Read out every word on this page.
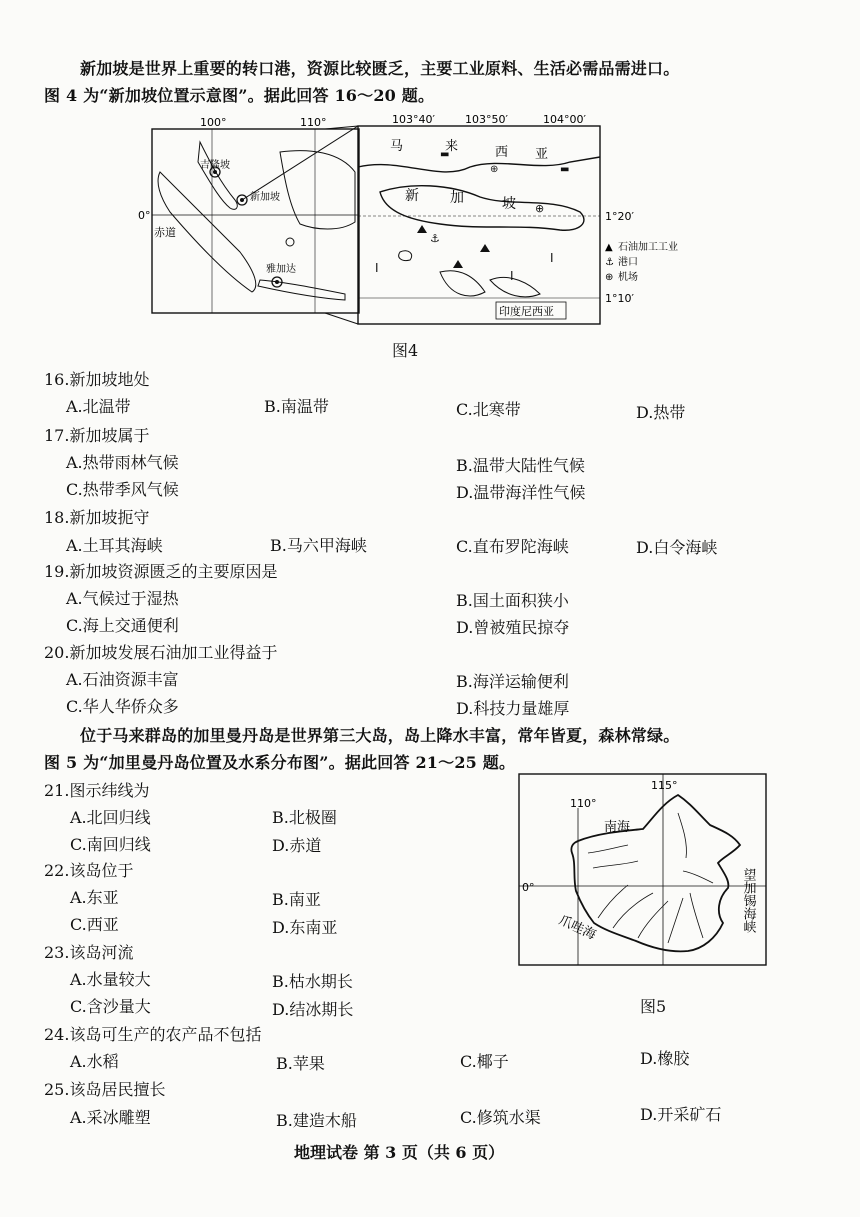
新加坡是世界上重要的转口港，资源比较匮乏，主要工业原料、生活必需品需进口。
图 4 为“新加坡位置示意图”。据此回答 16～20 题。
⚓
⊕
⊕
▬
▬
I
I
I
100°	110°
0°
赤道
吉隆坡
新加坡
雅加达
103°40′	103°50′	104°00′
1°20′
1°10′
马	来	西 亚
新 加	坡
印度尼西亚
▲ 石油加工工业
⚓ 港口
⊕ 机场
图4
16.新加坡地处
A.北温带	B.南温带	C.北寒带	D.热带
17.新加坡属于
A.热带雨林气候	B.温带大陆性气候
C.热带季风气候	D.温带海洋性气候
18.新加坡扼守
A.土耳其海峡	B.马六甲海峡	C.直布罗陀海峡	D.白令海峡
19.新加坡资源匮乏的主要原因是
A.气候过于湿热	B.国土面积狭小
C.海上交通便利	D.曾被殖民掠夺
20.新加坡发展石油加工业得益于
A.石油资源丰富	B.海洋运输便利
C.华人华侨众多	D.科技力量雄厚
位于马来群岛的加里曼丹岛是世界第三大岛，岛上降水丰富，常年皆夏，森林常绿。
图 5 为“加里曼丹岛位置及水系分布图”。据此回答 21～25 题。
21.图示纬线为
A.北回归线	B.北极圈
C.南回归线	D.赤道
22.该岛位于
A.东亚	B.南亚
C.西亚	D.东南亚
23.该岛河流
A.水量较大	B.枯水期长
C.含沙量大	D.结冰期长
24.该岛可生产的农产品不包括
A.水稻	B.苹果	C.椰子	D.橡胶
25.该岛居民擅长
A.采冰雕塑	B.建造木船	C.修筑水渠	D.开采矿石
110°
115°
0°
南海
爪哇海	望加锡海峡
图5
地理试卷 第 3 页（共 6 页）
